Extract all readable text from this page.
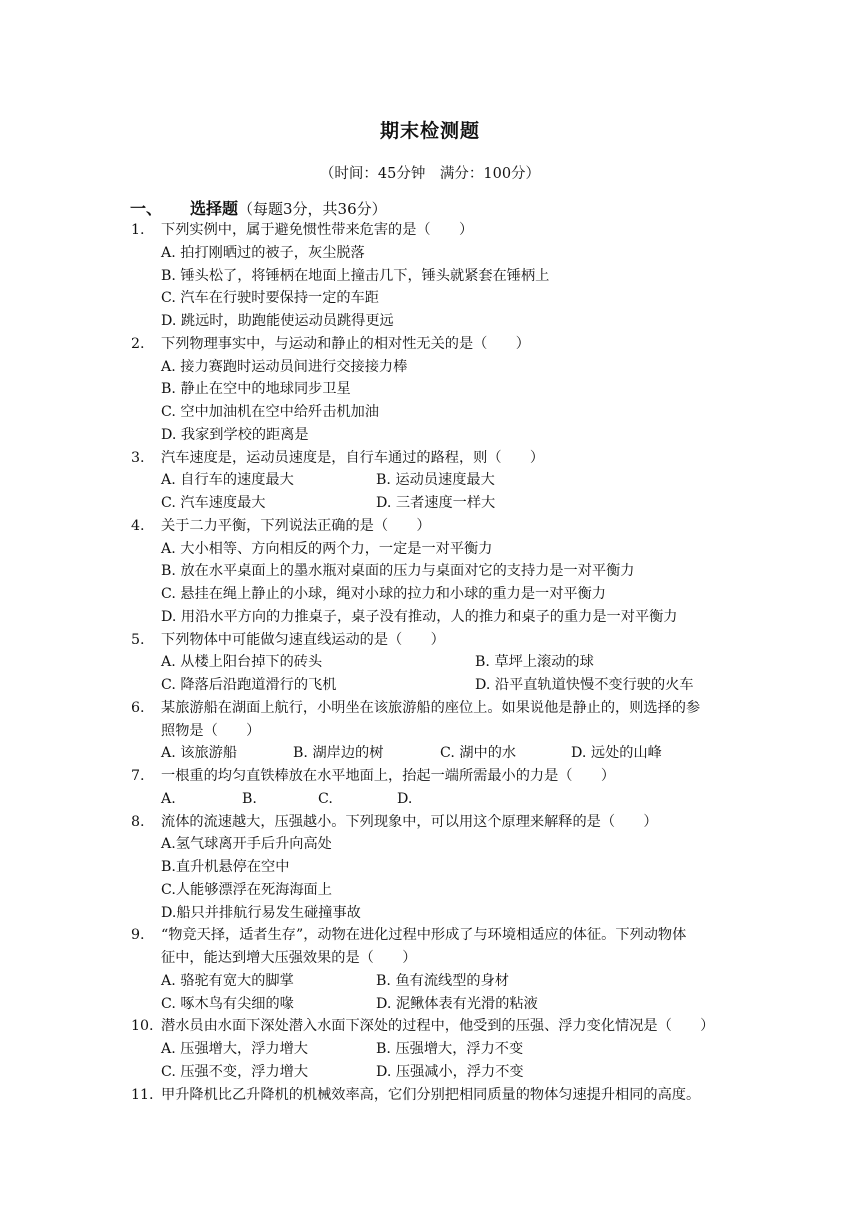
期末检测题
（时间：45分钟　满分：100分）
一、 选择题（每题3分，共36分）
1. 下列实例中，属于避免惯性带来危害的是（　　）
A. 拍打刚晒过的被子，灰尘脱落
B. 锤头松了，将锤柄在地面上撞击几下，锤头就紧套在锤柄上
C. 汽车在行驶时要保持一定的车距
D. 跳远时，助跑能使运动员跳得更远
2. 下列物理事实中，与运动和静止的相对性无关的是（　　）
A. 接力赛跑时运动员间进行交接接力棒
B. 静止在空中的地球同步卫星
C. 空中加油机在空中给歼击机加油
D. 我家到学校的距离是
3. 汽车速度是，运动员速度是，自行车通过的路程，则（　　）
A. 自行车的速度最大	B. 运动员速度最大
C. 汽车速度最大	D. 三者速度一样大
4. 关于二力平衡，下列说法正确的是（　　）
A. 大小相等、方向相反的两个力，一定是一对平衡力
B. 放在水平桌面上的墨水瓶对桌面的压力与桌面对它的支持力是一对平衡力
C. 悬挂在绳上静止的小球，绳对小球的拉力和小球的重力是一对平衡力
D. 用沿水平方向的力推桌子，桌子没有推动，人的推力和桌子的重力是一对平衡力
5. 下列物体中可能做匀速直线运动的是（　　）
A. 从楼上阳台掉下的砖头	B. 草坪上滚动的球
C. 降落后沿跑道滑行的飞机	D. 沿平直轨道快慢不变行驶的火车
6. 某旅游船在湖面上航行，小明坐在该旅游船的座位上。如果说他是静止的，则选择的参
照物是（　　）
A. 该旅游船	B. 湖岸边的树	C. 湖中的水	D. 远处的山峰
7. 一根重的均匀直铁棒放在水平地面上，抬起一端所需最小的力是（　　）
A.	B.	C.	D.
8. 流体的流速越大，压强越小。下列现象中，可以用这个原理来解释的是（　　）
A.氢气球离开手后升向高处
B.直升机悬停在空中
C.人能够漂浮在死海海面上
D.船只并排航行易发生碰撞事故
9. “物竞天择，适者生存”，动物在进化过程中形成了与环境相适应的体征。下列动物体
征中，能达到增大压强效果的是（　　）
A. 骆驼有宽大的脚掌	B. 鱼有流线型的身材
C. 啄木鸟有尖细的喙	D. 泥鳅体表有光滑的粘液
10. 潜水员由水面下深处潜入水面下深处的过程中，他受到的压强、浮力变化情况是（　　）
A. 压强增大，浮力增大	B. 压强增大，浮力不变
C. 压强不变，浮力增大	D. 压强减小，浮力不变
11. 甲升降机比乙升降机的机械效率高，它们分别把相同质量的物体匀速提升相同的高度。
